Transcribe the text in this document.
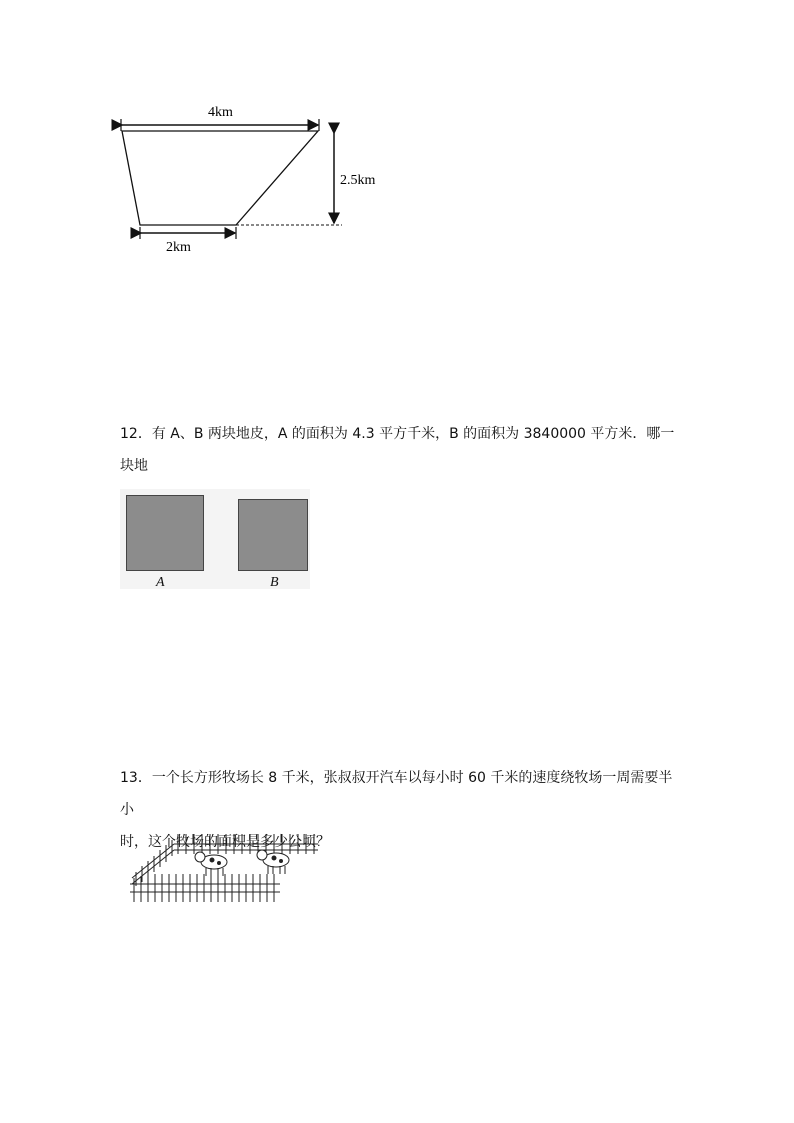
4km
2.5km
2km
12．有 A、B 两块地皮，A 的面积为 4.3 平方千米，B 的面积为 3840000 平方米．哪一块地
A	B
13．一个长方形牧场长 8 千米，张叔叔开汽车以每小时 60 千米的速度绕牧场一周需要半小
时，这个牧场的面积是多少公顷？
